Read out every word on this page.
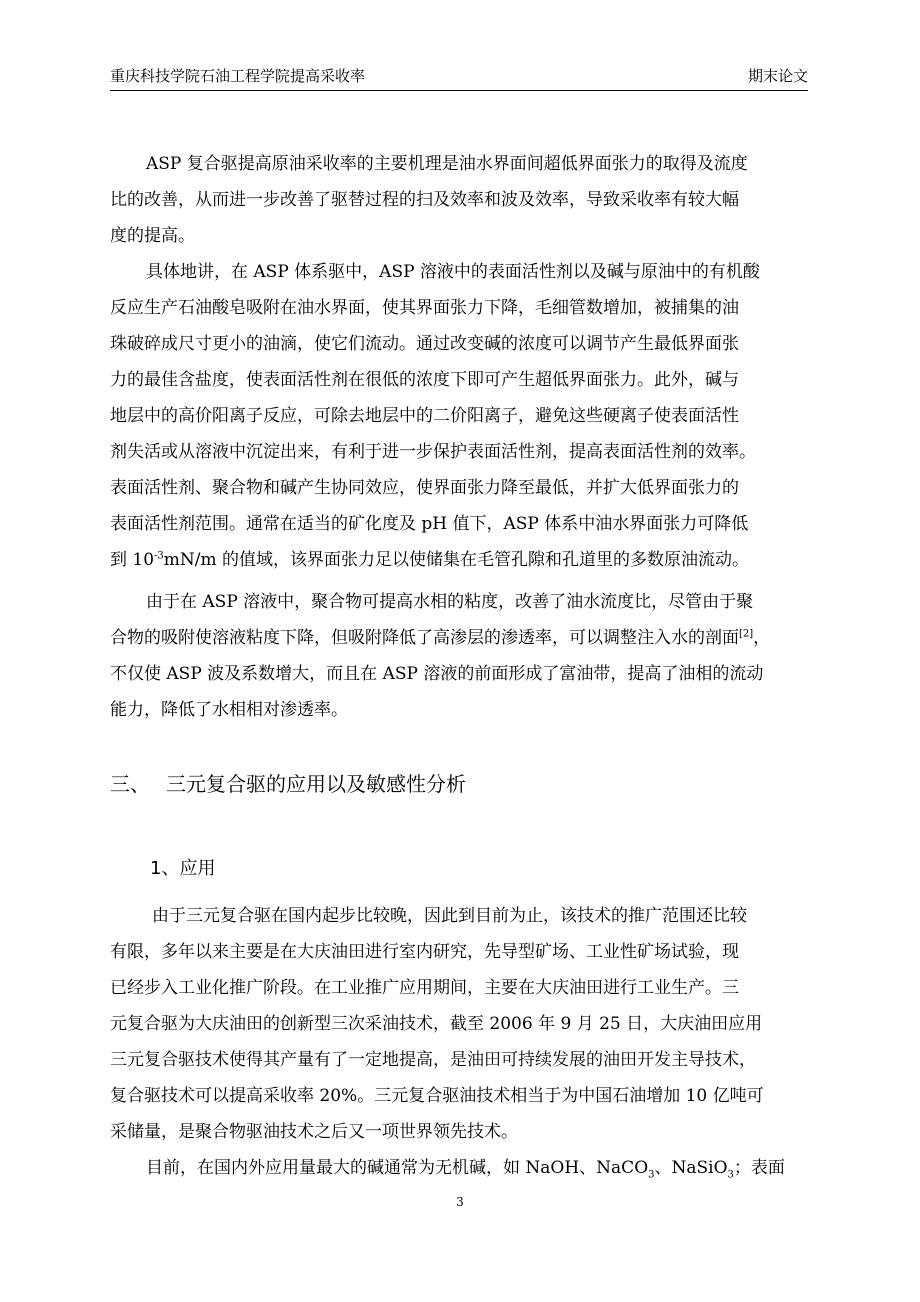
重庆科技学院石油工程学院提高采收率	期末论文
ASP 复合驱提高原油采收率的主要机理是油水界面间超低界面张力的取得及流度
比的改善，从而进一步改善了驱替过程的扫及效率和波及效率，导致采收率有较大幅
度的提高。
具体地讲，在 ASP 体系驱中，ASP 溶液中的表面活性剂以及碱与原油中的有机酸
反应生产石油酸皂吸附在油水界面，使其界面张力下降，毛细管数增加，被捕集的油
珠破碎成尺寸更小的油滴，使它们流动。通过改变碱的浓度可以调节产生最低界面张
力的最佳含盐度，使表面活性剂在很低的浓度下即可产生超低界面张力。此外，碱与
地层中的高价阳离子反应，可除去地层中的二价阳离子，避免这些硬离子使表面活性
剂失活或从溶液中沉淀出来，有利于进一步保护表面活性剂，提高表面活性剂的效率。
表面活性剂、聚合物和碱产生协同效应，使界面张力降至最低，并扩大低界面张力的
表面活性剂范围。通常在适当的矿化度及 pH 值下，ASP 体系中油水界面张力可降低
到 $10^{-3}mN/m$ 的值域，该界面张力足以使储集在毛管孔隙和孔道里的多数原油流动。
由于在 ASP 溶液中，聚合物可提高水相的粘度，改善了油水流度比，尽管由于聚
合物的吸附使溶液粘度下降，但吸附降低了高渗层的渗透率，可以调整注入水的剖面[2]，
不仅使 ASP 波及系数增大，而且在 ASP 溶液的前面形成了富油带，提高了油相的流动
能力，降低了水相相对渗透率。
三、 三元复合驱的应用以及敏感性分析
1、应用
由于三元复合驱在国内起步比较晚，因此到目前为止，该技术的推广范围还比较
有限，多年以来主要是在大庆油田进行室内研究，先导型矿场、工业性矿场试验，现
已经步入工业化推广阶段。在工业推广应用期间，主要在大庆油田进行工业生产。三
元复合驱为大庆油田的创新型三次采油技术，截至 2006 年 9 月 25 日，大庆油田应用
三元复合驱技术使得其产量有了一定地提高，是油田可持续发展的油田开发主导技术，
复合驱技术可以提高采收率 20%。三元复合驱油技术相当于为中国石油增加 10 亿吨可
采储量，是聚合物驱油技术之后又一项世界领先技术。
目前，在国内外应用量最大的碱通常为无机碱，如 NaOH、NaCO$_3$、NaSiO$_3$；表面
3
